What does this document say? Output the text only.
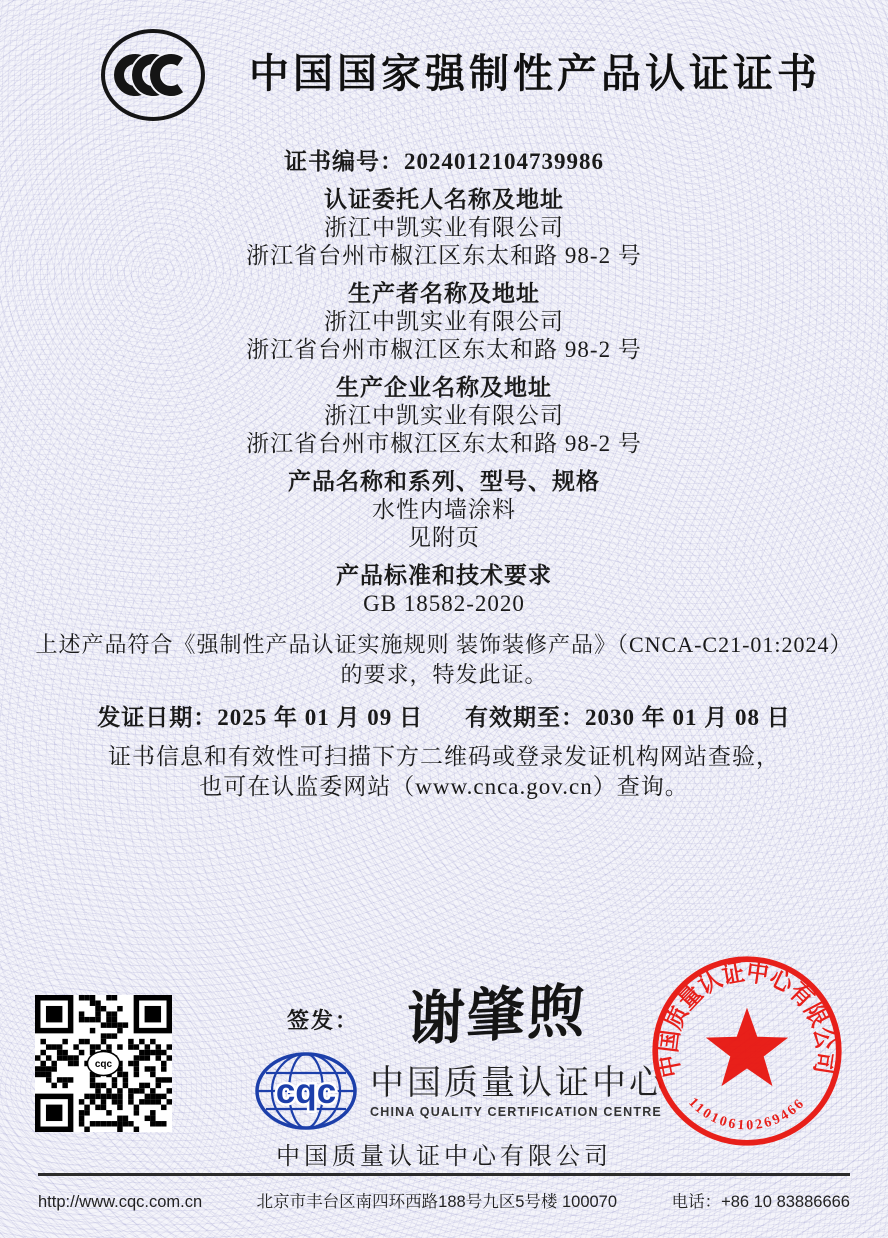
中国国家强制性产品认证证书
证书编号：2024012104739986
认证委托人名称及地址
浙江中凯实业有限公司
浙江省台州市椒江区东太和路 98-2 号
生产者名称及地址
浙江中凯实业有限公司
浙江省台州市椒江区东太和路 98-2 号
生产企业名称及地址
浙江中凯实业有限公司
浙江省台州市椒江区东太和路 98-2 号
产品名称和系列、型号、规格
水性内墙涂料
见附页
产品标准和技术要求
GB 18582-2020
上述产品符合《强制性产品认证实施规则 装饰装修产品》（CNCA-C21-01:2024）
的要求，特发此证。
发证日期：2025 年 01 月 09 日 有效期至：2030 年 01 月 08 日
证书信息和有效性可扫描下方二维码或登录发证机构网站查验，
也可在认监委网站（www.cnca.gov.cn）查询。
cqc
签发： 谢肇煦
cqc 中国质量认证中心
CHINA QUALITY CERTIFICATION CENTRE
中国质量认证中心有限公司
中国质量认证中心有限公司
11010610269466
http://www.cqc.com.cn	北京市丰台区南四环西路188号九区5号楼 100070	电话：+86 10 83886666
